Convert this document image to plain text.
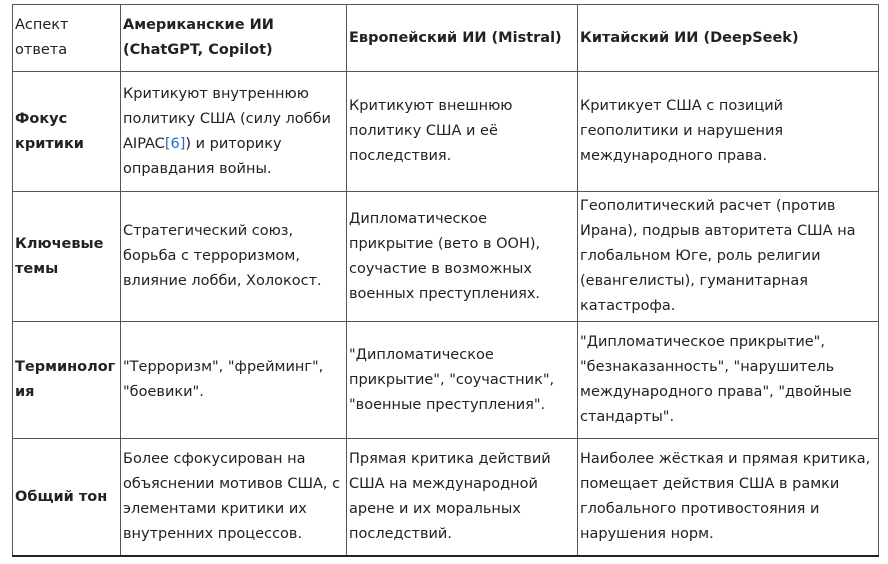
Аспект ответа	Американские ИИ (ChatGPT, Copilot)	Европейский ИИ (Mistral)	Китайский ИИ (DeepSeek)
Фокус критики	Критикуют внутреннюю политику США (силу лобби AIPAC[6]) и риторику оправдания войны.	Критикуют внешнюю политику США и её последствия.	Критикует США с позиций геополитики и нарушения международного права.
Ключевые темы	Стратегический союз, борьба с терроризмом, влияние лобби, Холокост.	Дипломатическое прикрытие (вето в ООН), соучастие в возможных военных преступлениях.	Геополитический расчет (против Ирана), подрыв авторитета США на глобальном Юге, роль религии (евангелисты), гуманитарная катастрофа.
Терминология	"Терроризм", "фрейминг", "боевики".	"Дипломатическое прикрытие", "соучастник", "военные преступления".	"Дипломатическое прикрытие", "безнаказанность", "нарушитель международного права", "двойные стандарты".
Общий тон	Более сфокусирован на объяснении мотивов США, с элементами критики их внутренних процессов.	Прямая критика действий США на международной арене и их моральных последствий.	Наиболее жёсткая и прямая критика, помещает действия США в рамки глобального противостояния и нарушения норм.
